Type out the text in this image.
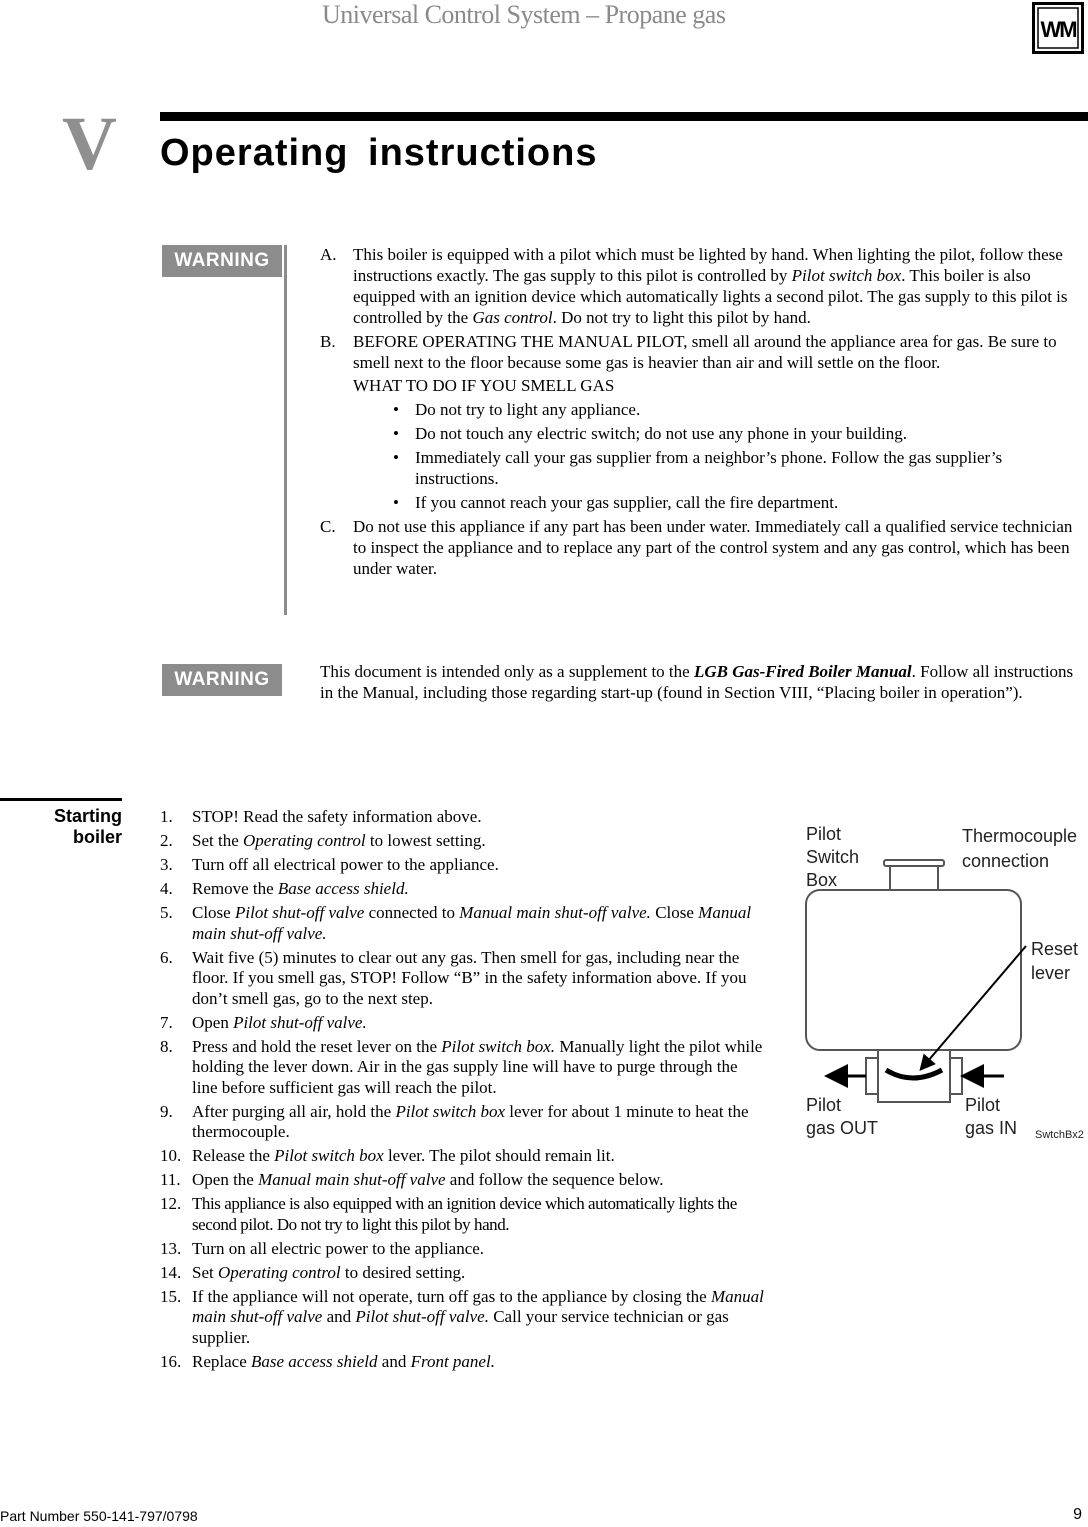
Universal Control System – Propane gas
WM
V Operating instructions
WARNING	A. This boiler is equipped with a pilot which must be lighted by hand. When lighting the pilot, follow these instructions exactly. The gas supply to this pilot is controlled by Pilot switch box. This boiler is also equipped with an ignition device which automatically lights a second pilot. The gas supply to this pilot is controlled by the Gas control. Do not try to light this pilot by hand.
B. BEFORE OPERATING THE MANUAL PILOT, smell all around the appliance area for gas. Be sure to smell next to the floor because some gas is heavier than air and will settle on the floor.
WHAT TO DO IF YOU SMELL GAS
• Do not try to light any appliance.
• Do not touch any electric switch; do not use any phone in your building.
• Immediately call your gas supplier from a neighbor’s phone. Follow the gas supplier’s instructions.
• If you cannot reach your gas supplier, call the fire department.
C. Do not use this appliance if any part has been under water. Immediately call a qualified service technician to inspect the appliance and to replace any part of the control system and any gas control, which has been under water.
WARNING	This document is intended only as a supplement to the LGB Gas-Fired Boiler Manual. Follow all instructions in the Manual, including those regarding start-up (found in Section VIII, “Placing boiler in operation”).
Starting
boiler
1. STOP! Read the safety information above.
2. Set the Operating control to lowest setting.
3. Turn off all electrical power to the appliance.
4. Remove the Base access shield.
5. Close Pilot shut-off valve connected to Manual main shut-off valve. Close Manual main shut-off valve.
6. Wait five (5) minutes to clear out any gas. Then smell for gas, including near the floor. If you smell gas, STOP! Follow “B” in the safety information above. If you don’t smell gas, go to the next step.
7. Open Pilot shut-off valve.
8. Press and hold the reset lever on the Pilot switch box. Manually light the pilot while holding the lever down. Air in the gas supply line will have to purge through the line before sufficient gas will reach the pilot.
9. After purging all air, hold the Pilot switch box lever for about 1 minute to heat the thermocouple.
10. Release the Pilot switch box lever. The pilot should remain lit.
11. Open the Manual main shut-off valve and follow the sequence below.
12. This appliance is also equipped with an ignition device which automatically lights the second pilot. Do not try to light this pilot by hand.
13. Turn on all electric power to the appliance.
14. Set Operating control to desired setting.
15. If the appliance will not operate, turn off gas to the appliance by closing the Manual main shut-off valve and Pilot shut-off valve. Call your service technician or gas supplier.
16. Replace Base access shield and Front panel.
Pilot
Switch
Box
Thermocouple
connection
Reset
lever
Pilot
gas OUT
Pilot
gas IN SwtchBx2
Part Number 550-141-797/0798	9
